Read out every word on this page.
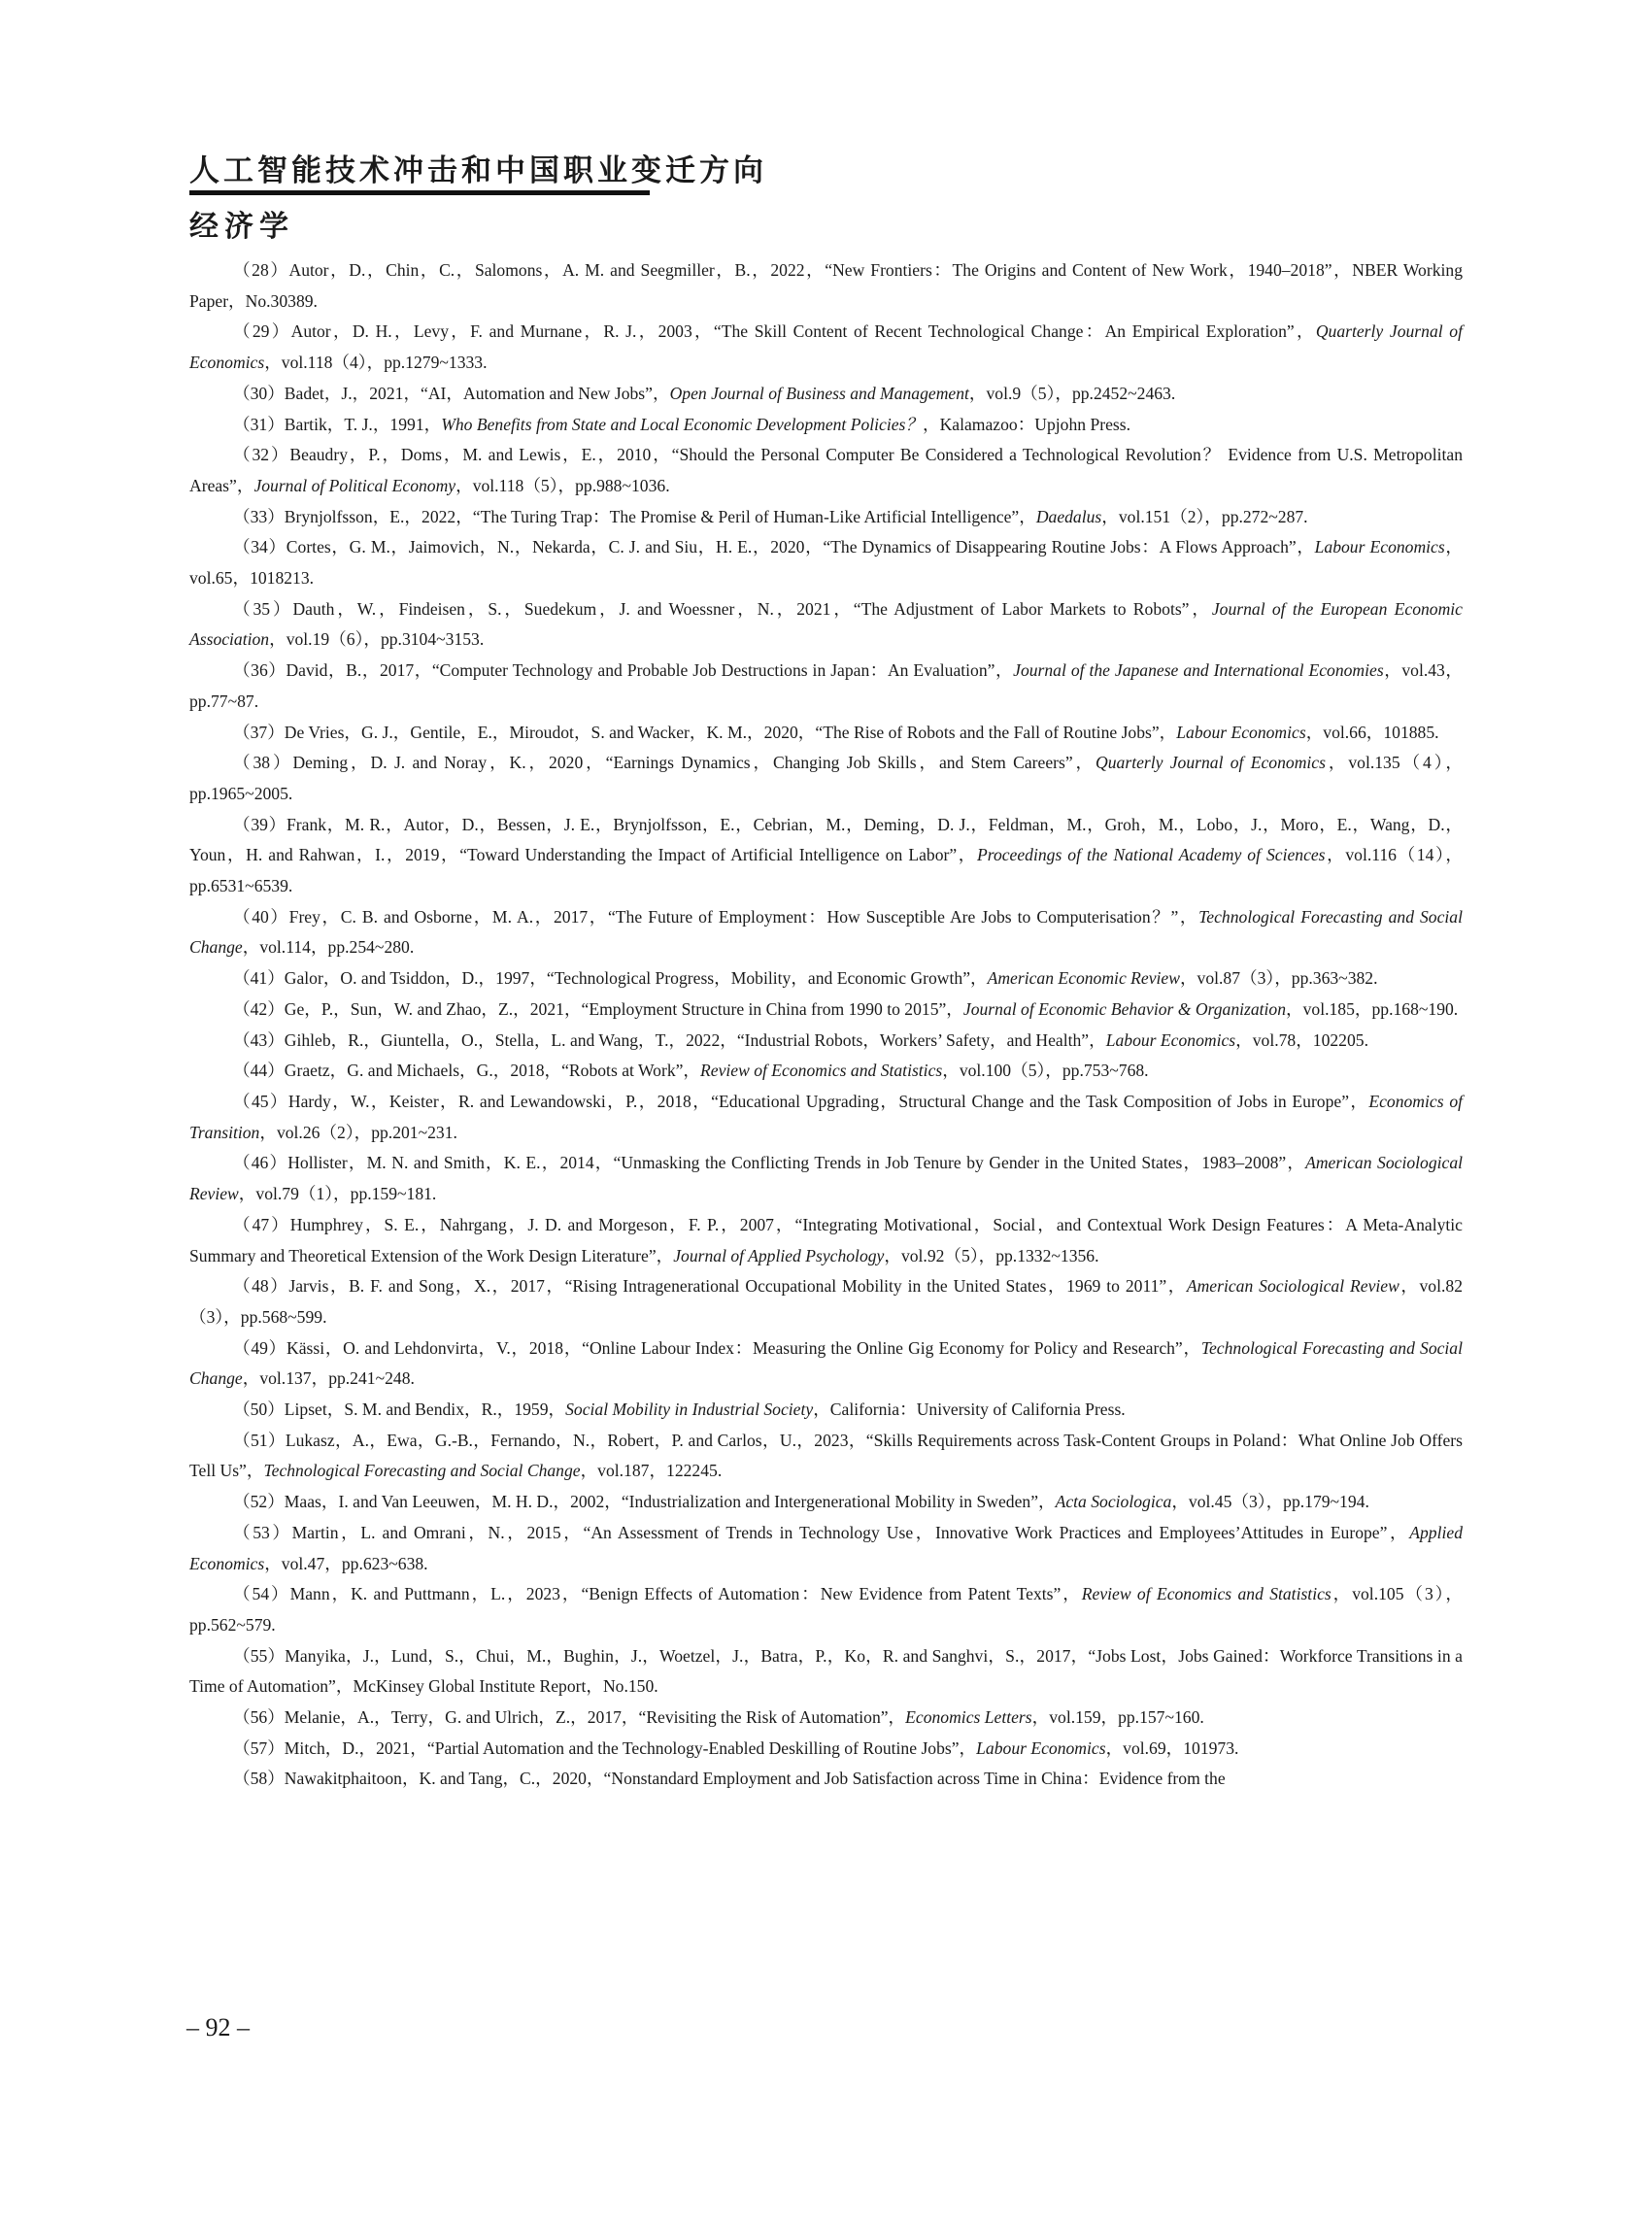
人工智能技术冲击和中国职业变迁方向
经济学

（28）Autor，D.，Chin，C.，Salomons，A. M. and Seegmiller，B.，2022，“New Frontiers：The Origins and Content of New Work，1940–2018”，NBER Working Paper，No.30389.

（29）Autor，D. H.，Levy，F. and Murnane，R. J.，2003，“The Skill Content of Recent Technological Change：An Empirical Exploration”，Quarterly Journal of Economics，vol.118（4），pp.1279~1333.

（30）Badet，J.，2021，“AI，Automation and New Jobs”，Open Journal of Business and Management，vol.9（5），pp.2452~2463.

（31）Bartik，T. J.，1991，Who Benefits from State and Local Economic Development Policies？，Kalamazoo：Upjohn Press.

（32）Beaudry，P.，Doms，M. and Lewis，E.，2010，“Should the Personal Computer Be Considered a Technological Revolution？ Evidence from U.S. Metropolitan Areas”，Journal of Political Economy，vol.118（5），pp.988~1036.

（33）Brynjolfsson，E.，2022，“The Turing Trap：The Promise & Peril of Human-Like Artificial Intelligence”，Daedalus，vol.151（2），pp.272~287.

（34）Cortes，G. M.，Jaimovich，N.，Nekarda，C. J. and Siu，H. E.，2020，“The Dynamics of Disappearing Routine Jobs：A Flows Approach”，Labour Economics，vol.65，1018213.

（35）Dauth，W.，Findeisen，S.，Suedekum，J. and Woessner，N.，2021，“The Adjustment of Labor Markets to Robots”，Journal of the European Economic Association，vol.19（6），pp.3104~3153.

（36）David，B.，2017，“Computer Technology and Probable Job Destructions in Japan：An Evaluation”，Journal of the Japanese and International Economies，vol.43，pp.77~87.

（37）De Vries，G. J.，Gentile，E.，Miroudot，S. and Wacker，K. M.，2020，“The Rise of Robots and the Fall of Routine Jobs”，Labour Economics，vol.66，101885.

（38）Deming，D. J. and Noray，K.，2020，“Earnings Dynamics，Changing Job Skills，and Stem Careers”，Quarterly Journal of Economics，vol.135（4），pp.1965~2005.

（39）Frank，M. R.，Autor，D.，Bessen，J. E.，Brynjolfsson，E.，Cebrian，M.，Deming，D. J.，Feldman，M.，Groh，M.，Lobo，J.，Moro，E.，Wang，D.，Youn，H. and Rahwan，I.，2019，“Toward Understanding the Impact of Artificial Intelligence on Labor”，Proceedings of the National Academy of Sciences，vol.116（14），pp.6531~6539.

（40）Frey，C. B. and Osborne，M. A.，2017，“The Future of Employment：How Susceptible Are Jobs to Computerisation？”，Technological Forecasting and Social Change，vol.114，pp.254~280.

（41）Galor，O. and Tsiddon，D.，1997，“Technological Progress，Mobility，and Economic Growth”，American Economic Review，vol.87（3），pp.363~382.

（42）Ge，P.，Sun，W. and Zhao，Z.，2021，“Employment Structure in China from 1990 to 2015”，Journal of Economic Behavior & Organization，vol.185，pp.168~190.

（43）Gihleb，R.，Giuntella，O.，Stella，L. and Wang，T.，2022，“Industrial Robots，Workers’ Safety，and Health”，Labour Economics，vol.78，102205.

（44）Graetz，G. and Michaels，G.，2018，“Robots at Work”，Review of Economics and Statistics，vol.100（5），pp.753~768.

（45）Hardy，W.，Keister，R. and Lewandowski，P.，2018，“Educational Upgrading，Structural Change and the Task Composition of Jobs in Europe”，Economics of Transition，vol.26（2），pp.201~231.

（46）Hollister，M. N. and Smith，K. E.，2014，“Unmasking the Conflicting Trends in Job Tenure by Gender in the United States，1983–2008”，American Sociological Review，vol.79（1），pp.159~181.

（47）Humphrey，S. E.，Nahrgang，J. D. and Morgeson，F. P.，2007，“Integrating Motivational，Social，and Contextual Work Design Features：A Meta-Analytic Summary and Theoretical Extension of the Work Design Literature”，Journal of Applied Psychology，vol.92（5），pp.1332~1356.

（48）Jarvis，B. F. and Song，X.，2017，“Rising Intragenerational Occupational Mobility in the United States，1969 to 2011”，American Sociological Review，vol.82（3），pp.568~599.

（49）Kässi，O. and Lehdonvirta，V.，2018，“Online Labour Index：Measuring the Online Gig Economy for Policy and Research”，Technological Forecasting and Social Change，vol.137，pp.241~248.

（50）Lipset，S. M. and Bendix，R.，1959，Social Mobility in Industrial Society，California：University of California Press.

（51）Lukasz，A.，Ewa，G.-B.，Fernando，N.，Robert，P. and Carlos，U.，2023，“Skills Requirements across Task-Content Groups in Poland：What Online Job Offers Tell Us”，Technological Forecasting and Social Change，vol.187，122245.

（52）Maas，I. and Van Leeuwen，M. H. D.，2002，“Industrialization and Intergenerational Mobility in Sweden”，Acta Sociologica，vol.45（3），pp.179~194.

（53）Martin，L. and Omrani，N.，2015，“An Assessment of Trends in Technology Use，Innovative Work Practices and Employees’Attitudes in Europe”，Applied Economics，vol.47，pp.623~638.

（54）Mann，K. and Puttmann，L.，2023，“Benign Effects of Automation：New Evidence from Patent Texts”，Review of Economics and Statistics，vol.105（3），pp.562~579.

（55）Manyika，J.，Lund，S.，Chui，M.，Bughin，J.，Woetzel，J.，Batra，P.，Ko，R. and Sanghvi，S.，2017，“Jobs Lost，Jobs Gained：Workforce Transitions in a Time of Automation”，McKinsey Global Institute Report，No.150.

（56）Melanie，A.，Terry，G. and Ulrich，Z.，2017，“Revisiting the Risk of Automation”，Economics Letters，vol.159，pp.157~160.

（57）Mitch，D.，2021，“Partial Automation and the Technology-Enabled Deskilling of Routine Jobs”，Labour Economics，vol.69，101973.

（58）Nawakitphaitoon，K. and Tang，C.，2020，“Nonstandard Employment and Job Satisfaction across Time in China：Evidence from the

– 92 –
